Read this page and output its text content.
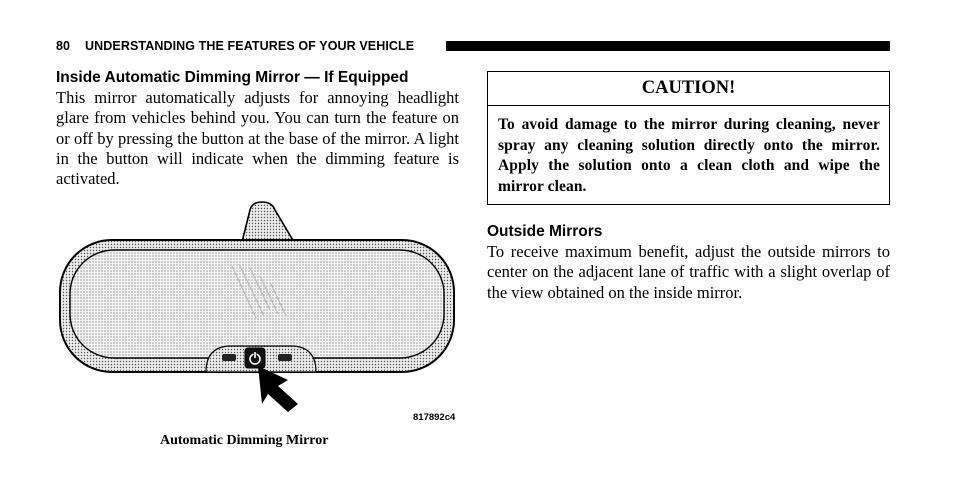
80 UNDERSTANDING THE FEATURES OF YOUR VEHICLE
Inside Automatic Dimming Mirror — If Equipped
This mirror automatically adjusts for annoying headlight glare from vehicles behind you. You can turn the feature on or off by pressing the button at the base of the mirror. A light in the button will indicate when the dimming feature is activated.
817892c4
Automatic Dimming Mirror
CAUTION!
To avoid damage to the mirror during cleaning, never spray any cleaning solution directly onto the mirror. Apply the solution onto a clean cloth and wipe the mirror clean.
Outside Mirrors
To receive maximum benefit, adjust the outside mirrors to center on the adjacent lane of traffic with a slight overlap of the view obtained on the inside mirror.
